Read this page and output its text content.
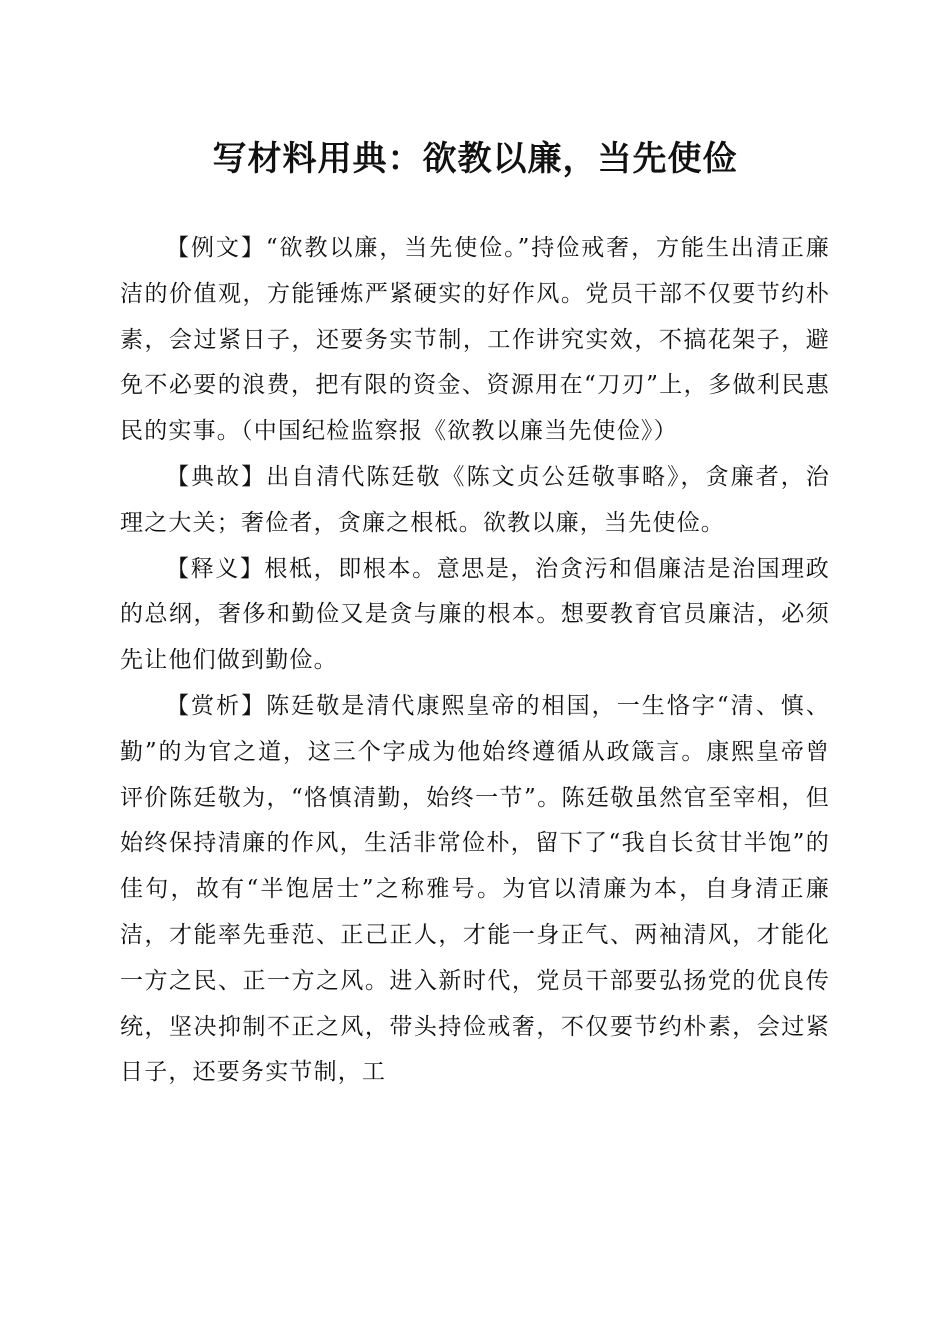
写材料用典：欲教以廉，当先使俭

【例文】“欲教以廉，当先使俭。”持俭戒奢，方能生出清正廉洁的价值观，方能锤炼严紧硬实的好作风。党员干部不仅要节约朴素，会过紧日子，还要务实节制，工作讲究实效，不搞花架子，避免不必要的浪费，把有限的资金、资源用在“刀刃”上，多做利民惠民的实事。（中国纪检监察报《欲教以廉当先使俭》）

【典故】出自清代陈廷敬《陈文贞公廷敬事略》，贪廉者，治理之大关；奢俭者，贪廉之根柢。欲教以廉，当先使俭。

【释义】根柢，即根本。意思是，治贪污和倡廉洁是治国理政的总纲，奢侈和勤俭又是贪与廉的根本。想要教育官员廉洁，必须先让他们做到勤俭。

【赏析】陈廷敬是清代康熙皇帝的相国，一生恪字“清、慎、勤”的为官之道，这三个字成为他始终遵循从政箴言。康熙皇帝曾评价陈廷敬为，“恪慎清勤，始终一节”。陈廷敬虽然官至宰相，但始终保持清廉的作风，生活非常俭朴，留下了“我自长贫甘半饱”的佳句，故有“半饱居士”之称雅号。为官以清廉为本，自身清正廉洁，才能率先垂范、正己正人，才能一身正气、两袖清风，才能化一方之民、正一方之风。进入新时代，党员干部要弘扬党的优良传统，坚决抑制不正之风，带头持俭戒奢，不仅要节约朴素，会过紧日子，还要务实节制，工
